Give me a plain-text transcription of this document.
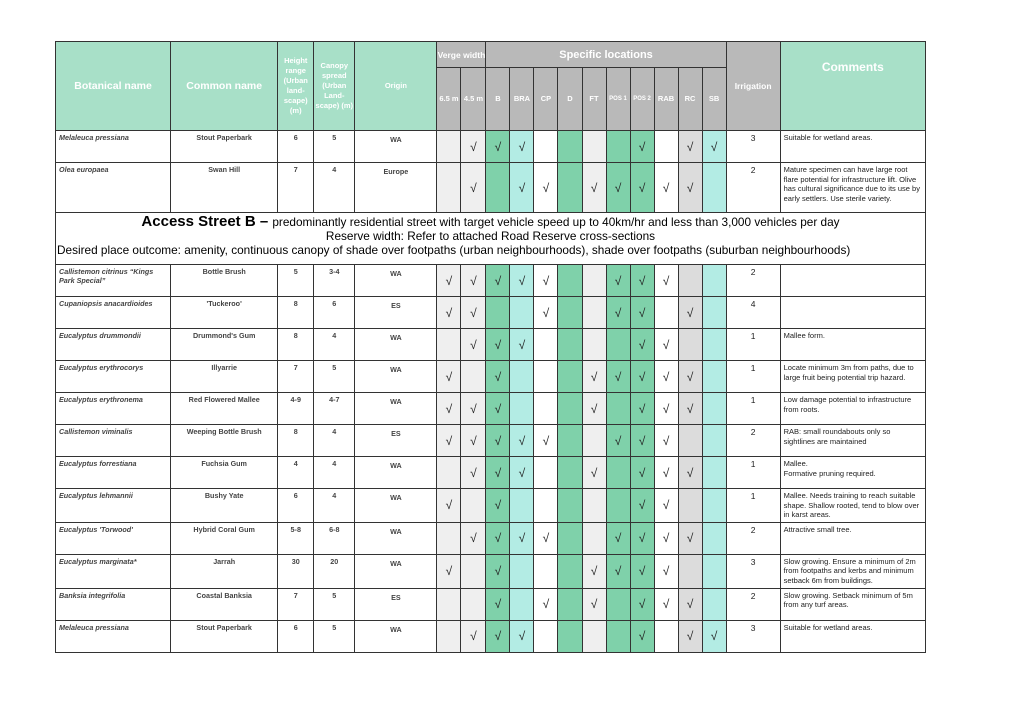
Botanical name	Common name	Height range (Urban land-scape) (m)	Canopy spread (Urban Land-scape) (m)	Origin	Verge width		Specific locations										Irrigation	Comments
					6.5 m	4.5 m	B	BRA	CP	D	FT	POS 1	POS 2	RAB	RC	SB		
Melaleuca pressiana	Stout Paperbark	6	5	WA		√	√	√					√		√	√	3	Suitable for wetland areas.
Olea europaea	Swan Hill	7	4	Europe		√		√	√		√	√	√	√	√		2	Mature specimen can have large root flare potential for infrastructure lift. Olive has cultural significance due to its use by early settlers. Use sterile variety.

Access Street B – predominantly residential street with target vehicle speed up to 40km/hr and less than 3,000 vehicles per day
Reserve width: Refer to attached Road Reserve cross-sections
Desired place outcome: amenity, continuous canopy of shade over footpaths (urban neighbourhoods), shade over footpaths (suburban neighbourhoods)																		

Callistemon citrinus “Kings Park Special”	Bottle Brush	5	3-4	WA	√	√	√	√	√			√	√	√			2	
Cupaniopsis anacardioides	'Tuckeroo'	8	6	ES	√	√			√			√	√		√		4	
Eucalyptus drummondii	Drummond's Gum	8	4	WA		√	√	√					√	√			1	Mallee form.
Eucalyptus erythrocorys	Illyarrie	7	5	WA	√		√				√	√	√	√	√		1	Locate minimum 3m from paths, due to large fruit being potential trip hazard.
Eucalyptus erythronema	Red Flowered Mallee	4-9	4-7	WA	√	√	√				√		√	√	√		1	Low damage potential to infrastructure from roots.
Callistemon viminalis	Weeping Bottle Brush	8	4	ES	√	√	√	√	√			√	√	√			2	RAB: small roundabouts only so sightlines are maintained
Eucalyptus forrestiana	Fuchsia Gum	4	4	WA		√	√	√			√		√	√	√		1	Mallee.
Formative pruning required.
Eucalyptus lehmannii	Bushy Yate	6	4	WA	√		√						√	√			1	Mallee. Needs training to reach suitable shape. Shallow rooted, tend to blow over in karst areas.
Eucalyptus 'Torwood'	Hybrid Coral Gum	5-8	6-8	WA		√	√	√	√			√	√	√	√		2	Attractive small tree.
Eucalyptus marginata*	Jarrah	30	20	WA	√		√				√	√	√	√			3	Slow growing. Ensure a minimum of 2m from footpaths and kerbs and minimum setback 6m from buildings.
Banksia integrifolia	Coastal Banksia	7	5	ES			√		√		√		√	√	√		2	Slow growing. Setback minimum of 5m from any turf areas.
Melaleuca pressiana	Stout Paperbark	6	5	WA		√	√	√					√		√	√	3	Suitable for wetland areas.
